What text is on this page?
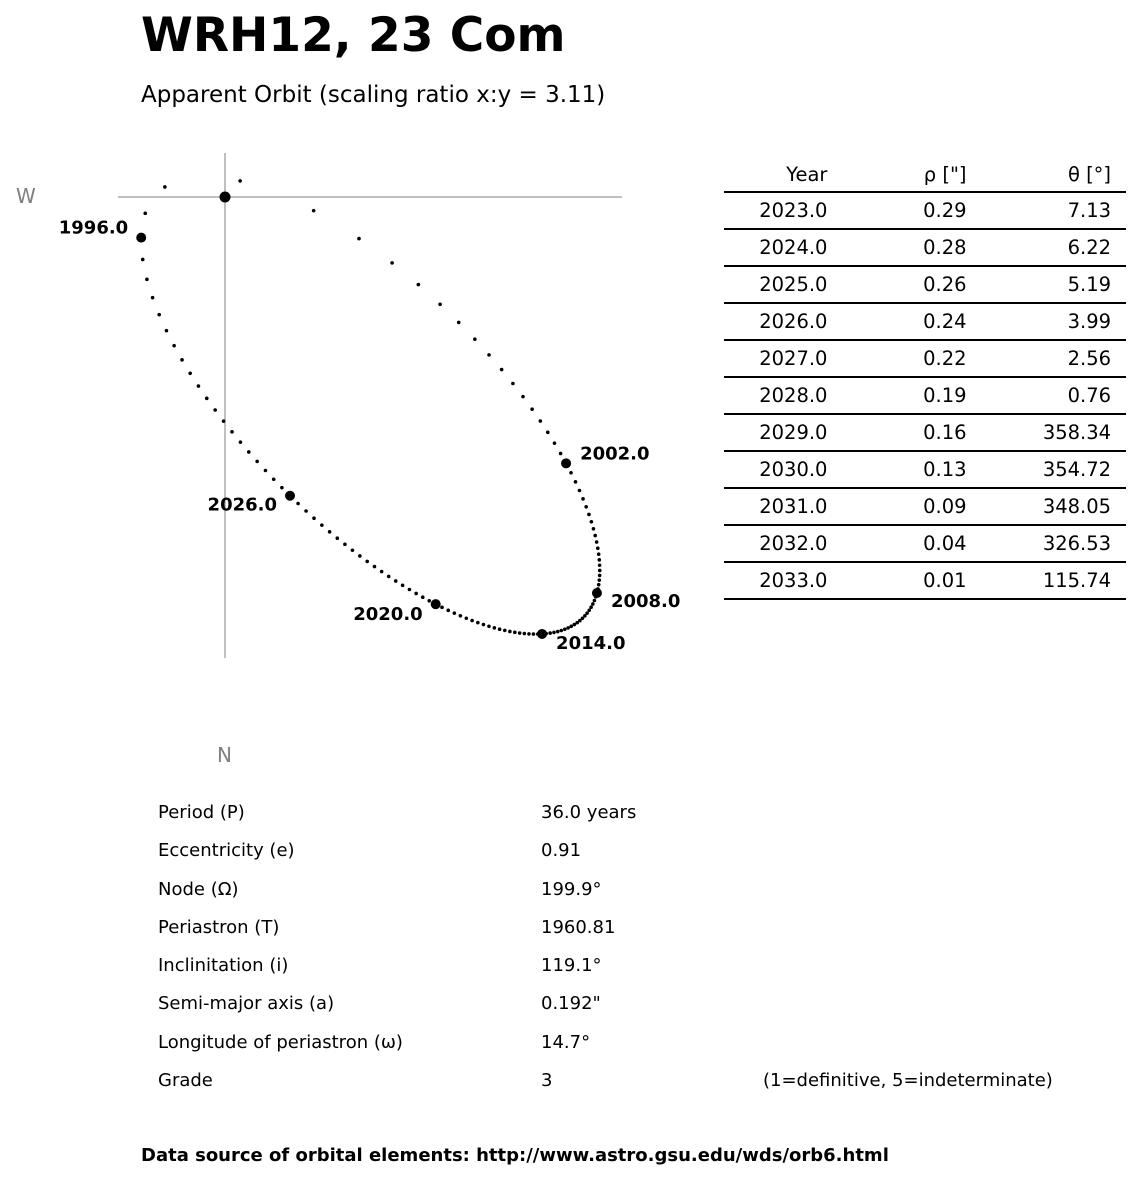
WRH12, 23 Com
Apparent Orbit (scaling ratio x:y = 3.11)
W
N
1996.0
2002.0
2008.0
2014.0
2020.0
2026.0
	Year	ρ ["]	θ [°]	
	2023.0	0.29	7.13	
	2024.0	0.28	6.22	
	2025.0	0.26	5.19	
	2026.0	0.24	3.99	
	2027.0	0.22	2.56	
	2028.0	0.19	0.76	
	2029.0	0.16	358.34	
	2030.0	0.13	354.72	
	2031.0	0.09	348.05	
	2032.0	0.04	326.53	
	2033.0	0.01	115.74	
Period (P)	36.0 years
Eccentricity (e)	0.91
Node (Ω)	199.9°
Periastron (T)	1960.81
Inclinitation (i)	119.1°
Semi-major axis (a)	0.192"
Longitude of periastron (ω)	14.7°
Grade	3	(1=definitive, 5=indeterminate)
Data source of orbital elements: http://www.astro.gsu.edu/wds/orb6.html
